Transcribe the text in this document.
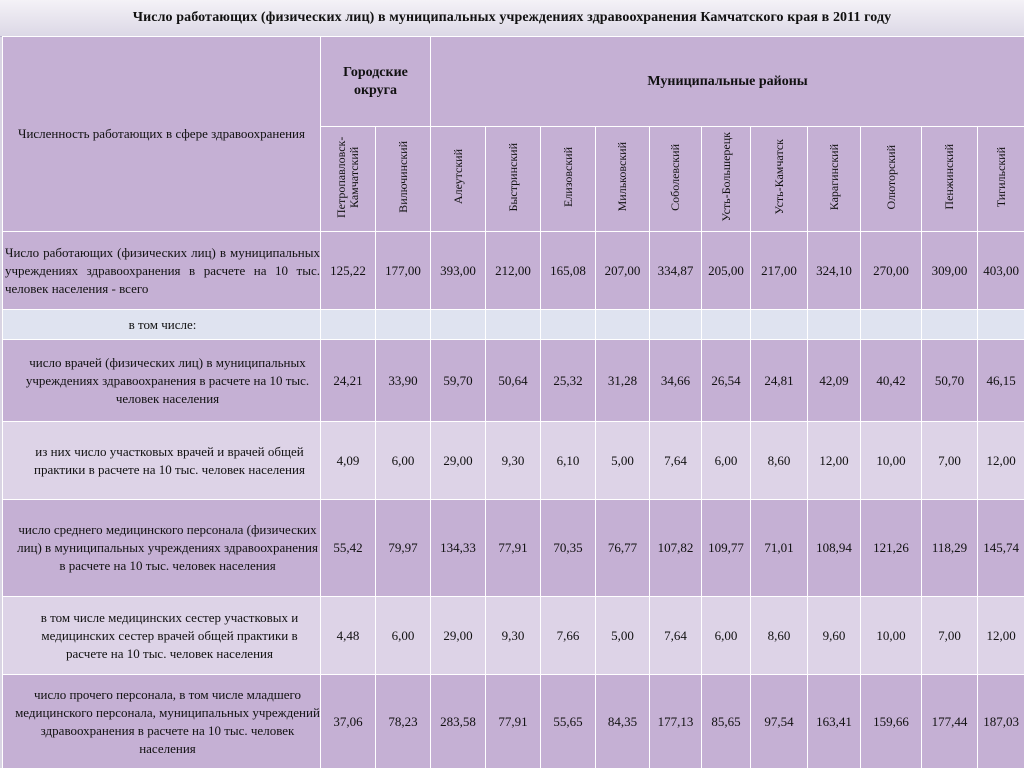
Число работающих (физических лиц) в муниципальных учреждениях здравоохранения Камчатского края в 2011 году
Численность работающих в сфере здравоохранения	Городские округа		Муниципальные районы										
	Петропавловск-Камчатский	Вилючинский	Алеутский	Быстринский	Елизовский	Мильковский	Соболевский	Усть-Большерецк	Усть-Камчатск	Карагинский	Олюторский	Пенжинский	Тигильский
Число работающих (физических лиц) в муниципальных учреждениях здравоохранения в расчете на 10 тыс. человек населения - всего	125,22	177,00	393,00	212,00	165,08	207,00	334,87	205,00	217,00	324,10	270,00	309,00	403,00
в том числе:													
число врачей (физических лиц) в муниципальных учреждениях здравоохранения в расчете на 10 тыс. человек населения	24,21	33,90	59,70	50,64	25,32	31,28	34,66	26,54	24,81	42,09	40,42	50,70	46,15
из них число участковых врачей и врачей общей практики в расчете на 10 тыс. человек населения	4,09	6,00	29,00	9,30	6,10	5,00	7,64	6,00	8,60	12,00	10,00	7,00	12,00
число среднего медицинского персонала (физических лиц) в муниципальных учреждениях здравоохранения в расчете на 10 тыс. человек населения	55,42	79,97	134,33	77,91	70,35	76,77	107,82	109,77	71,01	108,94	121,26	118,29	145,74
в том числе медицинских сестер участковых и медицинских сестер врачей общей практики в расчете на 10 тыс. человек населения	4,48	6,00	29,00	9,30	7,66	5,00	7,64	6,00	8,60	9,60	10,00	7,00	12,00
число прочего персонала, в том числе младшего медицинского персонала, муниципальных учреждений здравоохранения в расчете на 10 тыс. человек населения	37,06	78,23	283,58	77,91	55,65	84,35	177,13	85,65	97,54	163,41	159,66	177,44	187,03
